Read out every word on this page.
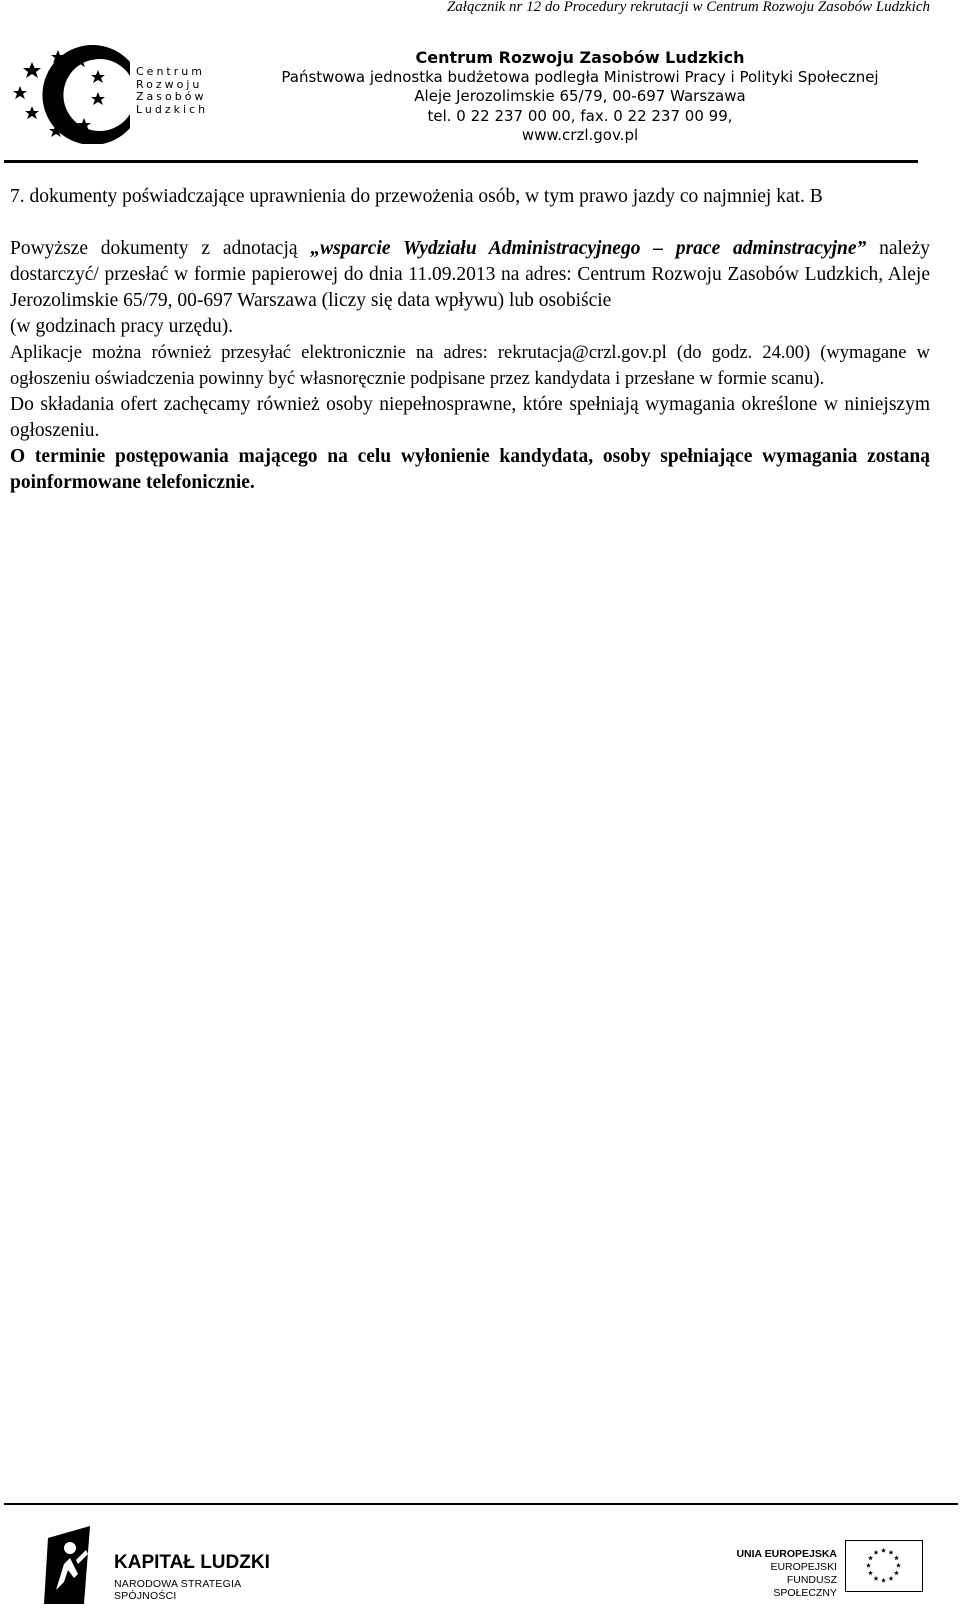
Załącznik nr 12 do Procedury rekrutacji w Centrum Rozwoju Zasobów Ludzkich
Centrum
Rozwoju
Zasobów
Ludzkich
Centrum Rozwoju Zasobów Ludzkich
Państwowa jednostka budżetowa podległa Ministrowi Pracy i Polityki Społecznej
Aleje Jerozolimskie 65/79, 00-697 Warszawa
tel. 0 22 237 00 00, fax. 0 22 237 00 99,
www.crzl.gov.pl

7. dokumenty poświadczające uprawnienia do przewożenia osób, w tym prawo jazdy co najmniej kat. B

Powyższe dokumenty z adnotacją „wsparcie Wydziału Administracyjnego – prace adminstracyjne” należy dostarczyć/ przesłać w formie papierowej do dnia 11.09.2013 na adres: Centrum Rozwoju Zasobów Ludzkich, Aleje Jerozolimskie 65/79, 00-697 Warszawa (liczy się data wpływu) lub osobiście

(w godzinach pracy urzędu).

Aplikacje można również przesyłać elektronicznie na adres: rekrutacja@crzl.gov.pl (do godz. 24.00) (wymagane w ogłoszeniu oświadczenia powinny być własnoręcznie podpisane przez kandydata i przesłane w formie scanu).

Do składania ofert zachęcamy również osoby niepełnosprawne, które spełniają wymagania określone w niniejszym ogłoszeniu.

O terminie postępowania mającego na celu wyłonienie kandydata, osoby spełniające wymagania zostaną poinformowane telefonicznie.

KAPITAŁ LUDZKI
NARODOWA STRATEGIA SPÓJNOŚCI
UNIA EUROPEJSKA
EUROPEJSKI
FUNDUSZ SPOŁECZNY
